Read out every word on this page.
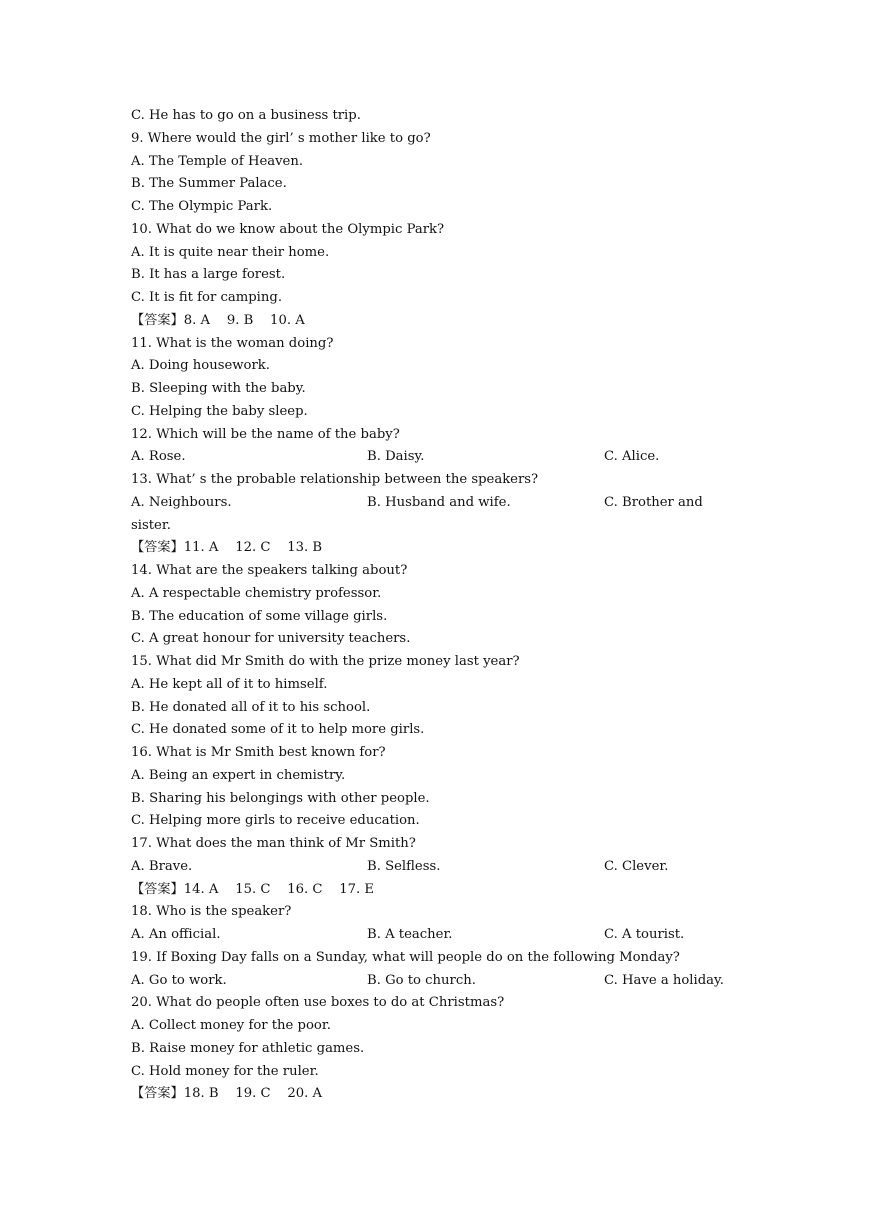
C. He has to go on a business trip.
9. Where would the girl’ s mother like to go?
A. The Temple of Heaven.
B. The Summer Palace.
C. The Olympic Park.
10. What do we know about the Olympic Park?
A. It is quite near their home.
B. It has a large forest.
C. It is fit for camping.
【答案】8. A    9. B    10. A
11. What is the woman doing?
A. Doing housework.
B. Sleeping with the baby.
C. Helping the baby sleep.
12. Which will be the name of the baby?
A. Rose.	B. Daisy.	C. Alice.
13. What’ s the probable relationship between the speakers?
A. Neighbours.	B. Husband and wife.	C. Brother and
sister.
【答案】11. A    12. C    13. B
14. What are the speakers talking about?
A. A respectable chemistry professor.
B. The education of some village girls.
C. A great honour for university teachers.
15. What did Mr Smith do with the prize money last year?
A. He kept all of it to himself.
B. He donated all of it to his school.
C. He donated some of it to help more girls.
16. What is Mr Smith best known for?
A. Being an expert in chemistry.
B. Sharing his belongings with other people.
C. Helping more girls to receive education.
17. What does the man think of Mr Smith?
A. Brave.	B. Selfless.	C. Clever.
【答案】14. A    15. C    16. C    17. E
18. Who is the speaker?
A. An official.	B. A teacher.	C. A tourist.
19. If Boxing Day falls on a Sunday, what will people do on the following Monday?
A. Go to work.	B. Go to church.	C. Have a holiday.
20. What do people often use boxes to do at Christmas?
A. Collect money for the poor.
B. Raise money for athletic games.
C. Hold money for the ruler.
【答案】18. B    19. C    20. A
